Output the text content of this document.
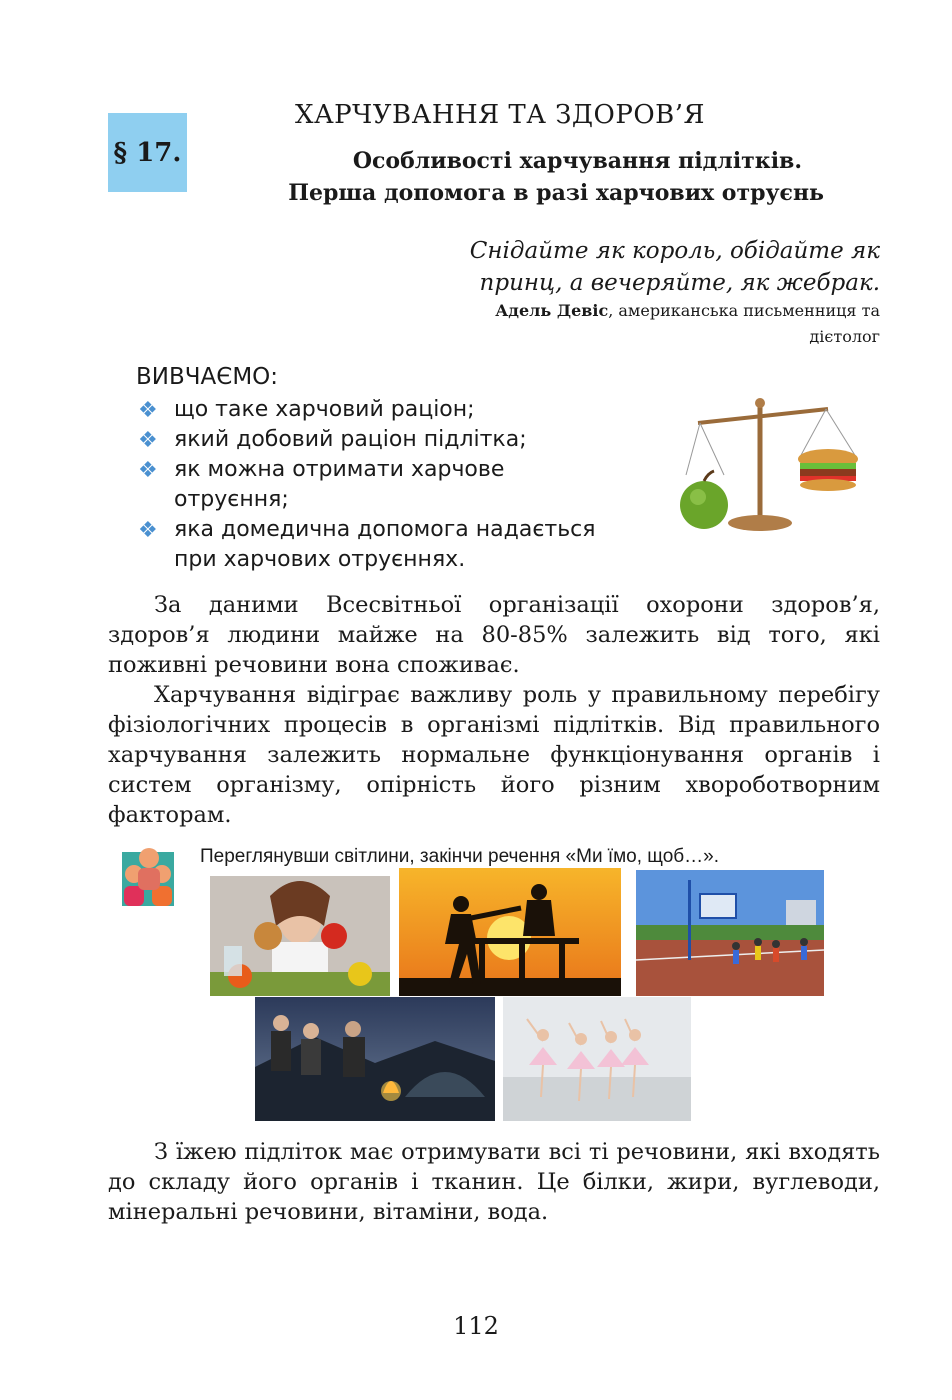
§ 17.
ХАРЧУВАННЯ ТА ЗДОРОВ’Я
Особливості харчування підлітків.
Перша допомога в разі харчових отруєнь
Снідайте як король, обідайте як
принц, а вечеряйте, як жебрак.
Адель Девіс, американська письменниця та
дієтолог
ВИВЧАЄМО:
❖ що таке харчовий раціон;
❖ який добовий раціон підлітка;
❖ як можна отримати харчове отруєння;
❖ яка домедична допомога надається при харчових отруєннях.

За даними Всесвітньої організації охорони здоров’я, здоров’я людини майже на 80-85% залежить від того, які поживні речовини вона споживає.

Харчування відіграє важливу роль у правильному перебігу фізіологічних процесів в організмі підлітків. Від правильного харчування залежить нормальне функціонування органів і систем організму, опірність його різним хвороботворним факторам.

Переглянувши світлини, закінчи речення «Ми їмо, щоб…».

З їжею підліток має отримувати всі ті речовини, які входять до складу його органів і тканин. Це білки, жири, вуглеводи, мінеральні речовини, вітаміни, вода.

112
